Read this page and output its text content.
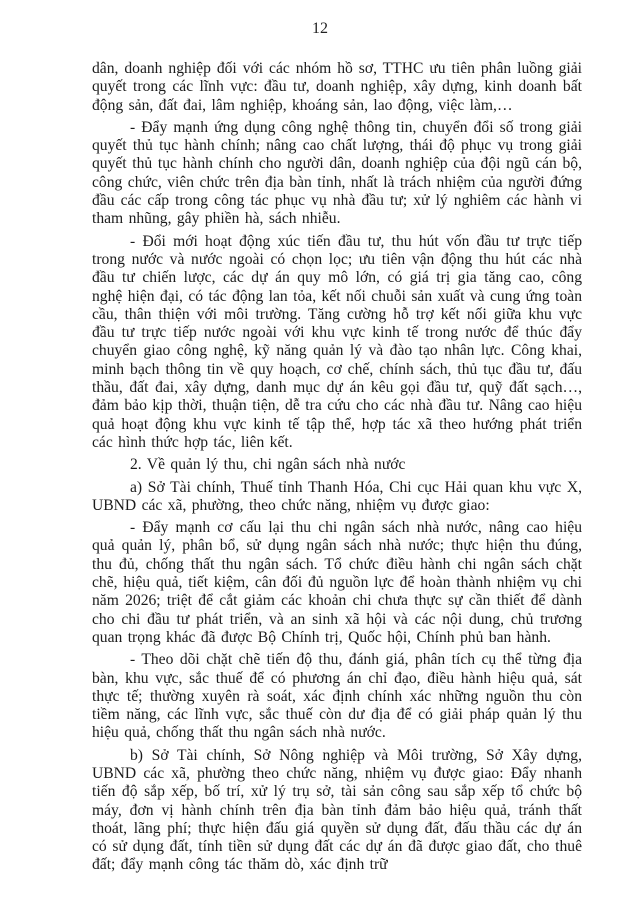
12

dân, doanh nghiệp đối với các nhóm hồ sơ, TTHC ưu tiên phân luồng giải quyết trong các lĩnh vực: đầu tư, doanh nghiệp, xây dựng, kinh doanh bất động sản, đất đai, lâm nghiệp, khoáng sản, lao động, việc làm,…

- Đẩy mạnh ứng dụng công nghệ thông tin, chuyển đổi số trong giải quyết thủ tục hành chính; nâng cao chất lượng, thái độ phục vụ trong giải quyết thủ tục hành chính cho người dân, doanh nghiệp của đội ngũ cán bộ, công chức, viên chức trên địa bàn tỉnh, nhất là trách nhiệm của người đứng đầu các cấp trong công tác phục vụ nhà đầu tư; xử lý nghiêm các hành vi tham nhũng, gây phiền hà, sách nhiễu.

- Đổi mới hoạt động xúc tiến đầu tư, thu hút vốn đầu tư trực tiếp trong nước và nước ngoài có chọn lọc; ưu tiên vận động thu hút các nhà đầu tư chiến lược, các dự án quy mô lớn, có giá trị gia tăng cao, công nghệ hiện đại, có tác động lan tỏa, kết nối chuỗi sản xuất và cung ứng toàn cầu, thân thiện với môi trường. Tăng cường hỗ trợ kết nối giữa khu vực đầu tư trực tiếp nước ngoài với khu vực kinh tế trong nước để thúc đẩy chuyển giao công nghệ, kỹ năng quản lý và đào tạo nhân lực. Công khai, minh bạch thông tin về quy hoạch, cơ chế, chính sách, thủ tục đầu tư, đấu thầu, đất đai, xây dựng, danh mục dự án kêu gọi đầu tư, quỹ đất sạch…, đảm bảo kịp thời, thuận tiện, dễ tra cứu cho các nhà đầu tư. Nâng cao hiệu quả hoạt động khu vực kinh tế tập thể, hợp tác xã theo hướng phát triển các hình thức hợp tác, liên kết.

2. Về quản lý thu, chi ngân sách nhà nước

a) Sở Tài chính, Thuế tỉnh Thanh Hóa, Chi cục Hải quan khu vực X, UBND các xã, phường, theo chức năng, nhiệm vụ được giao:

- Đẩy mạnh cơ cấu lại thu chi ngân sách nhà nước, nâng cao hiệu quả quản lý, phân bổ, sử dụng ngân sách nhà nước; thực hiện thu đúng, thu đủ, chống thất thu ngân sách. Tổ chức điều hành chi ngân sách chặt chẽ, hiệu quả, tiết kiệm, cân đối đủ nguồn lực để hoàn thành nhiệm vụ chi năm 2026; triệt để cắt giảm các khoản chi chưa thực sự cần thiết để dành cho chi đầu tư phát triển, và an sinh xã hội và các nội dung, chủ trương quan trọng khác đã được Bộ Chính trị, Quốc hội, Chính phủ ban hành.

- Theo dõi chặt chẽ tiến độ thu, đánh giá, phân tích cụ thể từng địa bàn, khu vực, sắc thuế để có phương án chỉ đạo, điều hành hiệu quả, sát thực tế; thường xuyên rà soát, xác định chính xác những nguồn thu còn tiềm năng, các lĩnh vực, sắc thuế còn dư địa để có giải pháp quản lý thu hiệu quả, chống thất thu ngân sách nhà nước.

b) Sở Tài chính, Sở Nông nghiệp và Môi trường, Sở Xây dựng, UBND các xã, phường theo chức năng, nhiệm vụ được giao: Đẩy nhanh tiến độ sắp xếp, bố trí, xử lý trụ sở, tài sản công sau sắp xếp tổ chức bộ máy, đơn vị hành chính trên địa bàn tỉnh đảm bảo hiệu quả, tránh thất thoát, lãng phí; thực hiện đấu giá quyền sử dụng đất, đấu thầu các dự án có sử dụng đất, tính tiền sử dụng đất các dự án đã được giao đất, cho thuê đất; đẩy mạnh công tác thăm dò, xác định trữ
